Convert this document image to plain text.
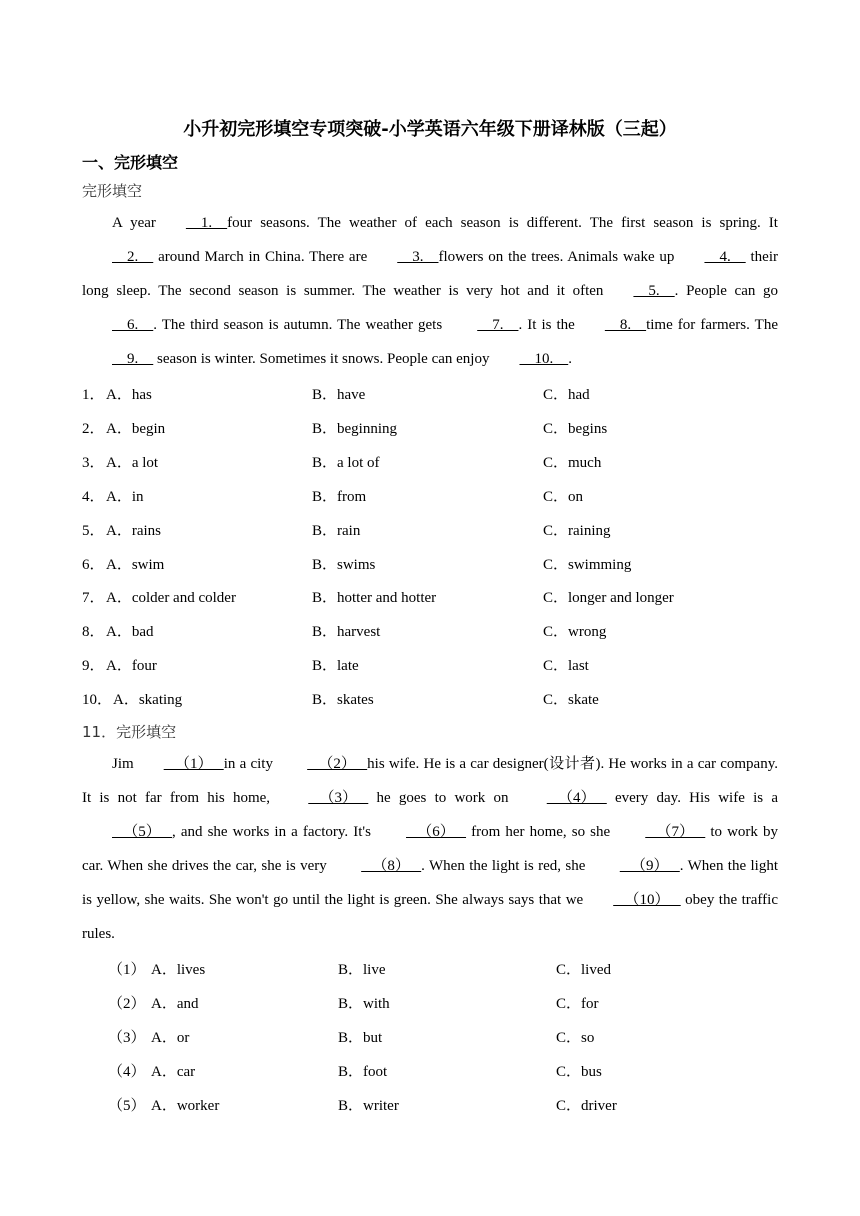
小升初完形填空专项突破-小学英语六年级下册译林版（三起）
一、完形填空
完形填空

A year    1.    four seasons. The weather of each season is different. The first season is spring. It    2.     around March in China. There are    3.    flowers on the trees. Animals wake up    4.     their long sleep. The second season is summer. The weather is very hot and it often    5.    . People can go    6.    . The third season is autumn. The weather gets     7.    . It is the    8.    time for farmers. The    9.     season is winter. Sometimes it snows. People can enjoy    10.    .

1． A．has	B．have	C．had
2． A．begin	B．beginning	C．begins
3． A．a lot	B．a lot of	C．much
4． A．in	B．from	C．on
5． A．rains	B．rain	C．raining
6． A．swim	B．swims	C．swimming
7． A．colder and colder	B．hotter and hotter	C．longer and longer
8． A．bad	B．harvest	C．wrong
9． A．four	B．late	C．last
10． A．skating	B．skates	C．skate
11．完形填空

Jim   （1）   in a city    （2）   his wife. He is a car designer(设计者). He works in a car company. It is not far from his home,    （3）    he goes to work on    （4）    every day. His wife is a    （5）   , and she works in a factory. It's    （6）    from her home, so she    （7）    to work by car. When she drives the car, she is very    （8）   . When the light is red, she    （9）   . When the light is yellow, she waits. She won't go until the light is green. She always says that we   （10）    obey the traffic rules.

（1） A．lives	B．live	C．lived
（2） A．and	B．with	C．for
（3） A．or	B．but	C．so
（4） A．car	B．foot	C．bus
（5） A．worker	B．writer	C．driver
